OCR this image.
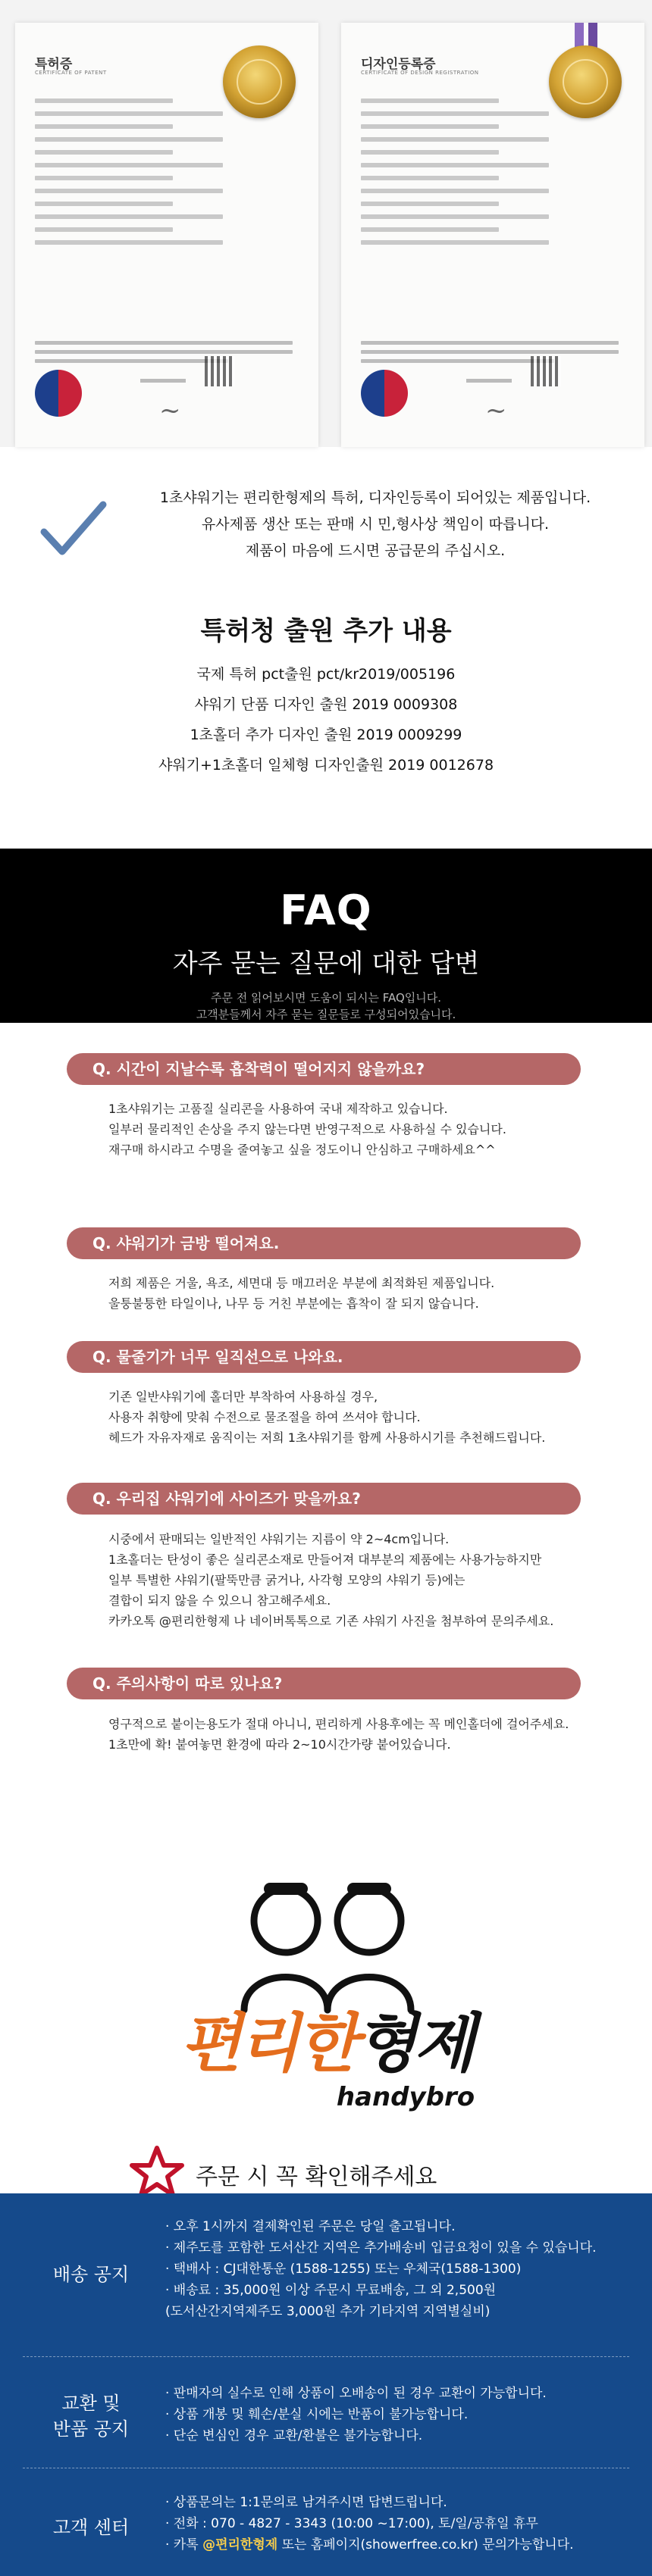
특허증
CERTIFICATE OF PATENT
~
디자인등록증
CERTIFICATE OF DESIGN REGISTRATION
~
1초샤워기는 편리한형제의 특허, 디자인등록이 되어있는 제품입니다.
유사제품 생산 또는 판매 시 민,형사상 책임이 따릅니다.
제품이 마음에 드시면 공급문의 주십시오.
특허청 출원 추가 내용
국제 특허 pct출원 pct/kr2019/005196
샤워기 단품 디자인 출원 2019 0009308
1초홀더 추가 디자인 출원 2019 0009299
샤워기+1초홀더 일체형 디자인출원 2019 0012678
FAQ
자주 묻는 질문에 대한 답변
주문 전 읽어보시면 도움이 되시는 FAQ입니다.
고객분들께서 자주 묻는 질문들로 구성되어있습니다.
Q. 시간이 지날수록 흡착력이 떨어지지 않을까요?
1초샤워기는 고품질 실리콘을 사용하여 국내 제작하고 있습니다.
일부러 물리적인 손상을 주지 않는다면 반영구적으로 사용하실 수 있습니다.
재구매 하시라고 수명을 줄여놓고 싶을 정도이니 안심하고 구매하세요^^
Q. 샤워기가 금방 떨어져요.
저희 제품은 거울, 욕조, 세면대 등 매끄러운 부분에 최적화된 제품입니다.
울퉁불퉁한 타일이나, 나무 등 거친 부분에는 흡착이 잘 되지 않습니다.
Q. 물줄기가 너무 일직선으로 나와요.
기존 일반샤워기에 홀더만 부착하여 사용하실 경우,
사용자 취향에 맞춰 수전으로 물조절을 하여 쓰셔야 합니다.
헤드가 자유자재로 움직이는 저희 1초샤워기를 함께 사용하시기를 추천해드립니다.
Q. 우리집 샤워기에 사이즈가 맞을까요?
시중에서 판매되는 일반적인 샤워기는 지름이 약 2~4cm입니다.
1초홀더는 탄성이 좋은 실리콘소재로 만들어져 대부분의 제품에는 사용가능하지만
일부 특별한 샤워기(팔뚝만큼 굵거나, 사각형 모양의 샤워기 등)에는
결합이 되지 않을 수 있으니 참고해주세요.
카카오톡 @편리한형제 나 네이버톡톡으로 기존 샤워기 사진을 첨부하여 문의주세요.
Q. 주의사항이 따로 있나요?
영구적으로 붙이는용도가 절대 아니니, 편리하게 사용후에는 꼭 메인홀더에 걸어주세요.
1초만에 확! 붙여놓면 환경에 따라 2~10시간가량 붙어있습니다.
편리한형제
handybro
주문 시 꼭 확인해주세요
배송 공지
· 오후 1시까지 결제확인된 주문은 당일 출고됩니다.
· 제주도를 포함한 도서산간 지역은 추가배송비 입금요청이 있을 수 있습니다.
· 택배사 : CJ대한통운 (1588-1255) 또는 우체국(1588-1300)
· 배송료 : 35,000원 이상 주문시 무료배송, 그 외 2,500원
(도서산간지역제주도 3,000원 추가 기타지역 지역별실비)
교환 및
반품 공지
· 판매자의 실수로 인해 상품이 오배송이 된 경우 교환이 가능합니다.
· 상품 개봉 및 훼손/분실 시에는 반품이 불가능합니다.
· 단순 변심인 경우 교환/환불은 불가능합니다.
고객 센터
· 상품문의는 1:1문의로 남겨주시면 답변드립니다.
· 전화 : 070 - 4827 - 3343 (10:00 ~17:00), 토/일/공휴일 휴무
· 카톡 @편리한형제 또는 홈페이지(showerfree.co.kr) 문의가능합니다.
